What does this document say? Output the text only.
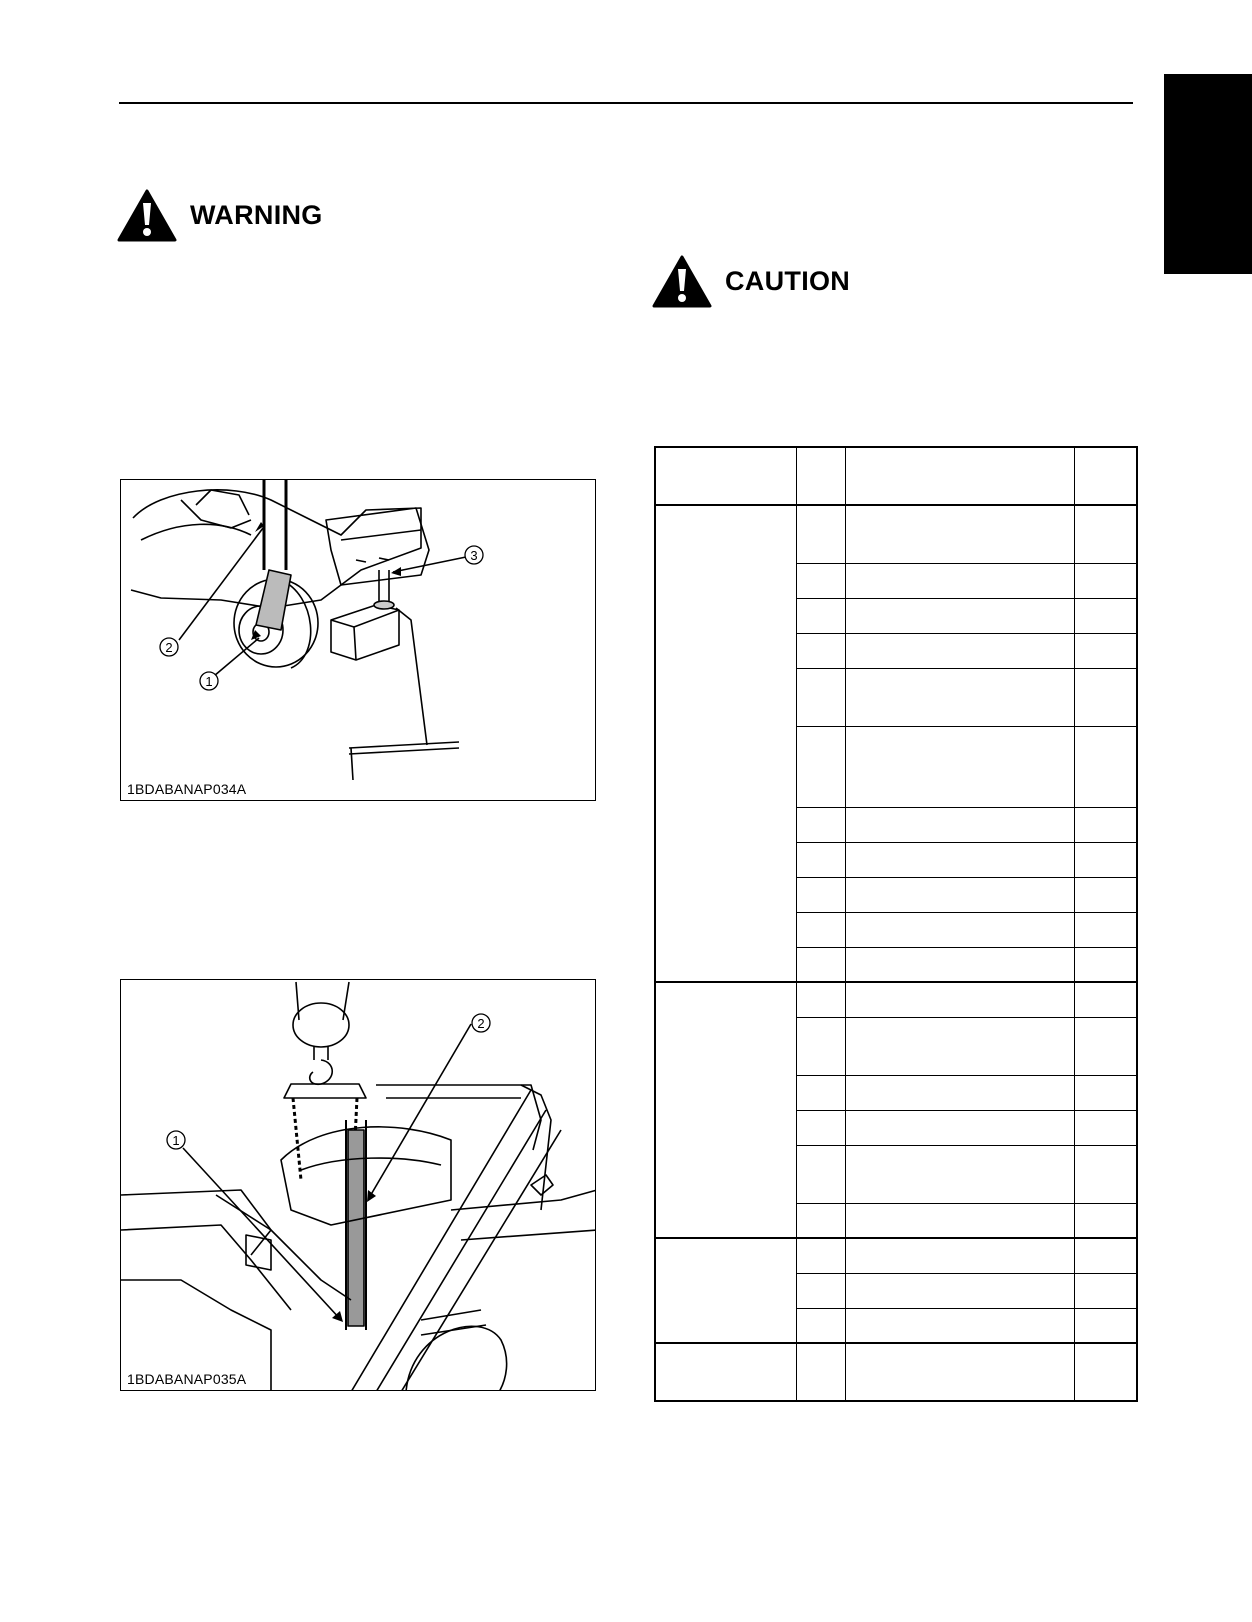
WARNING
CAUTION
1
2
3
1BDABANAP034A
1
2
1BDABANAP035A
